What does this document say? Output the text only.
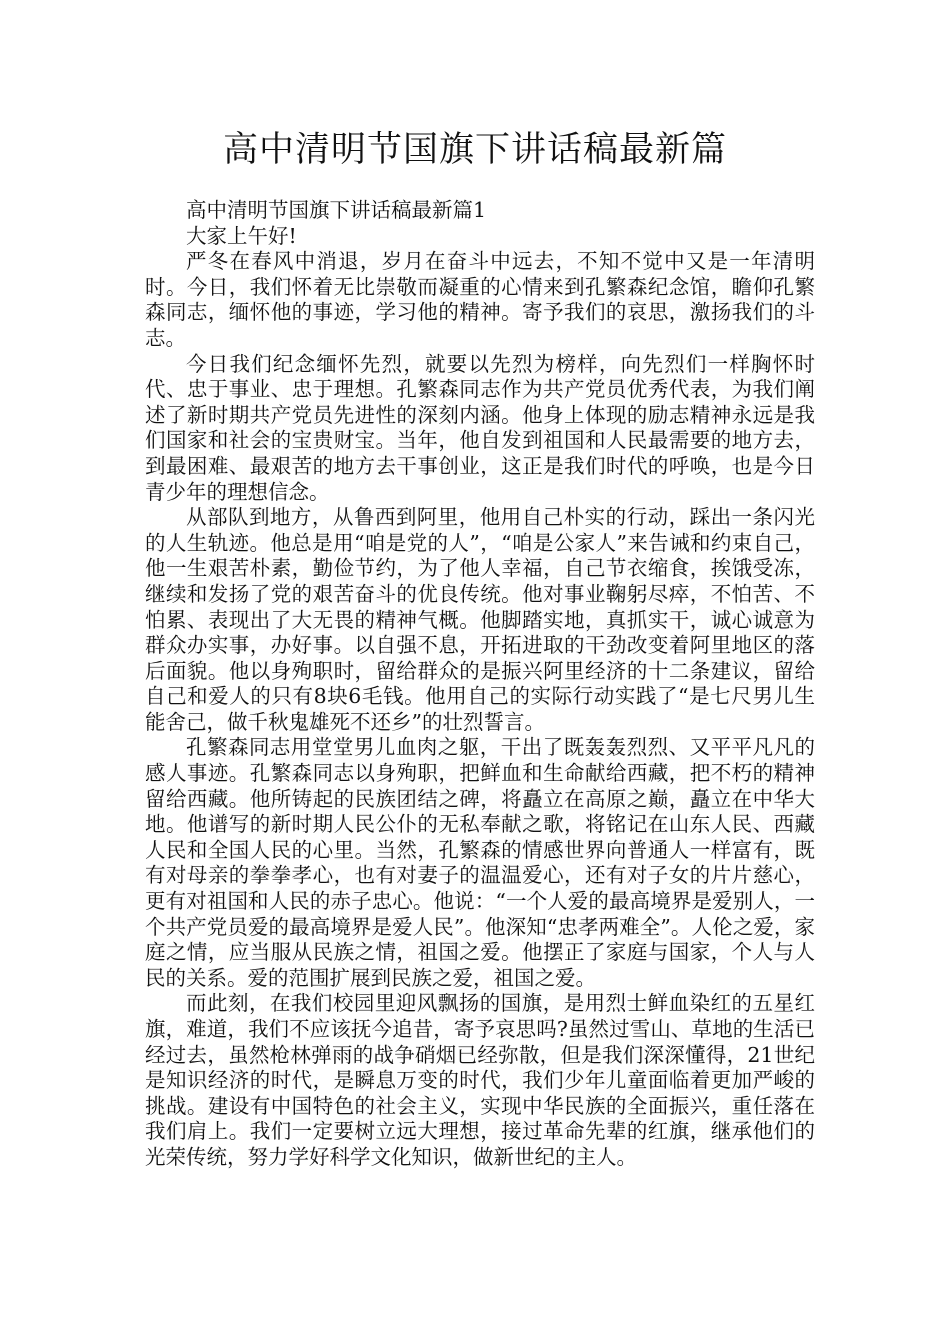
高中清明节国旗下讲话稿最新篇

高中清明节国旗下讲话稿最新篇1

大家上午好!

严冬在春风中消退，岁月在奋斗中远去，不知不觉中又是一年清明时。今日，我们怀着无比崇敬而凝重的心情来到孔繁森纪念馆，瞻仰孔繁森同志，缅怀他的事迹，学习他的精神。寄予我们的哀思，激扬我们的斗志。

今日我们纪念缅怀先烈，就要以先烈为榜样，向先烈们一样胸怀时代、忠于事业、忠于理想。孔繁森同志作为共产党员优秀代表，为我们阐述了新时期共产党员先进性的深刻内涵。他身上体现的励志精神永远是我们国家和社会的宝贵财宝。当年，他自发到祖国和人民最需要的地方去，到最困难、最艰苦的地方去干事创业，这正是我们时代的呼唤，也是今日青少年的理想信念。

从部队到地方，从鲁西到阿里，他用自己朴实的行动，踩出一条闪光的人生轨迹。他总是用“咱是党的人”，“咱是公家人”来告诫和约束自己，他一生艰苦朴素，勤俭节约，为了他人幸福，自己节衣缩食，挨饿受冻，继续和发扬了党的艰苦奋斗的优良传统。他对事业鞠躬尽瘁，不怕苦、不怕累、表现出了大无畏的精神气概。他脚踏实地，真抓实干，诚心诚意为群众办实事，办好事。以自强不息，开拓进取的干劲改变着阿里地区的落后面貌。他以身殉职时，留给群众的是振兴阿里经济的十二条建议，留给自己和爱人的只有8块6毛钱。他用自己的实际行动实践了“是七尺男儿生能舍己，做千秋鬼雄死不还乡”的壮烈誓言。

孔繁森同志用堂堂男儿血肉之躯，干出了既轰轰烈烈、又平平凡凡的感人事迹。孔繁森同志以身殉职，把鲜血和生命献给西藏，把不朽的精神留给西藏。他所铸起的民族团结之碑，将矗立在高原之巅，矗立在中华大地。他谱写的新时期人民公仆的无私奉献之歌，将铭记在山东人民、西藏人民和全国人民的心里。当然，孔繁森的情感世界向普通人一样富有，既有对母亲的拳拳孝心，也有对妻子的温温爱心，还有对子女的片片慈心，更有对祖国和人民的赤子忠心。他说：“一个人爱的最高境界是爱别人，一个共产党员爱的最高境界是爱人民”。他深知“忠孝两难全”。人伦之爱，家庭之情，应当服从民族之情，祖国之爱。他摆正了家庭与国家，个人与人民的关系。爱的范围扩展到民族之爱，祖国之爱。

而此刻，在我们校园里迎风飘扬的国旗，是用烈士鲜血染红的五星红旗，难道，我们不应该抚今追昔，寄予哀思吗?虽然过雪山、草地的生活已经过去，虽然枪林弹雨的战争硝烟已经弥散，但是我们深深懂得，21世纪是知识经济的时代，是瞬息万变的时代，我们少年儿童面临着更加严峻的挑战。建设有中国特色的社会主义，实现中华民族的全面振兴，重任落在我们肩上。我们一定要树立远大理想，接过革命先辈的红旗，继承他们的光荣传统，努力学好科学文化知识，做新世纪的主人。
